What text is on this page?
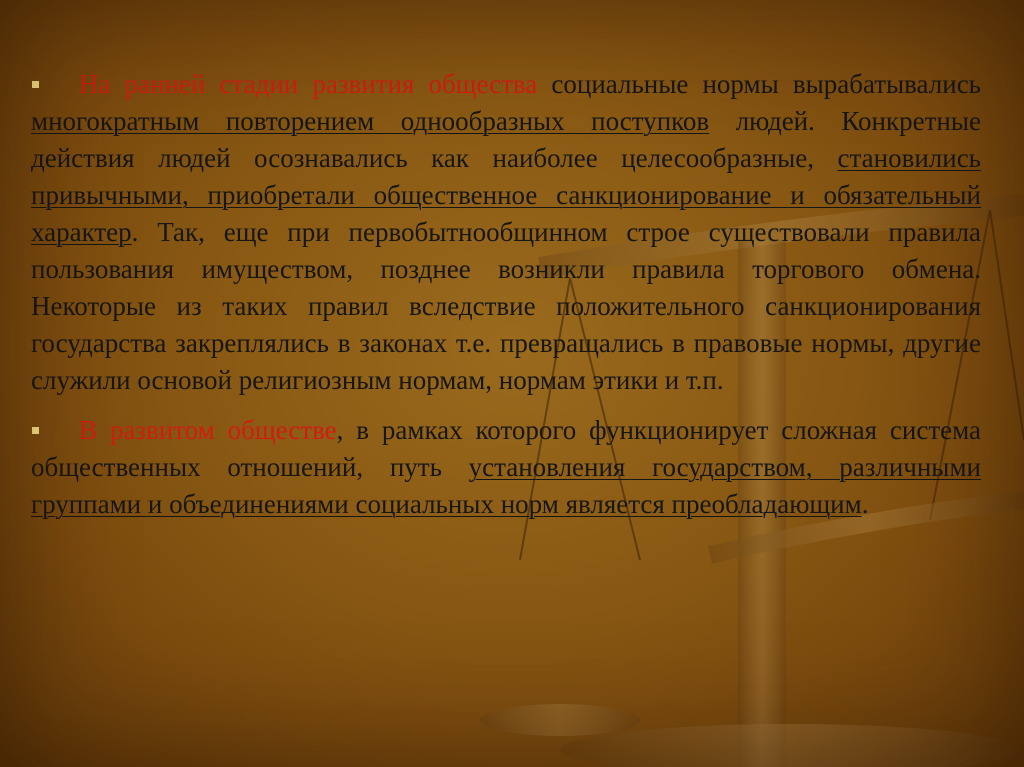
На ранней стадии развития общества социальные нормы вырабатывались многократным повторением однообразных поступков людей. Конкретные действия людей осознавались как наиболее целесообразные, становились привычными, приобретали общественное санкционирование и обязательный характер. Так, еще при первобытнообщинном строе существовали правила пользования имуществом, позднее возникли правила торгового обмена. Некоторые из таких правил вследствие положительного санкционирования государства закреплялись в законах т.е. превращались в правовые нормы, другие служили основой религиозным нормам, нормам этики и т.п.

В развитом обществе, в рамках которого функционирует сложная система общественных отношений, путь установления государством, различными группами и объединениями социальных норм является преобладающим.
